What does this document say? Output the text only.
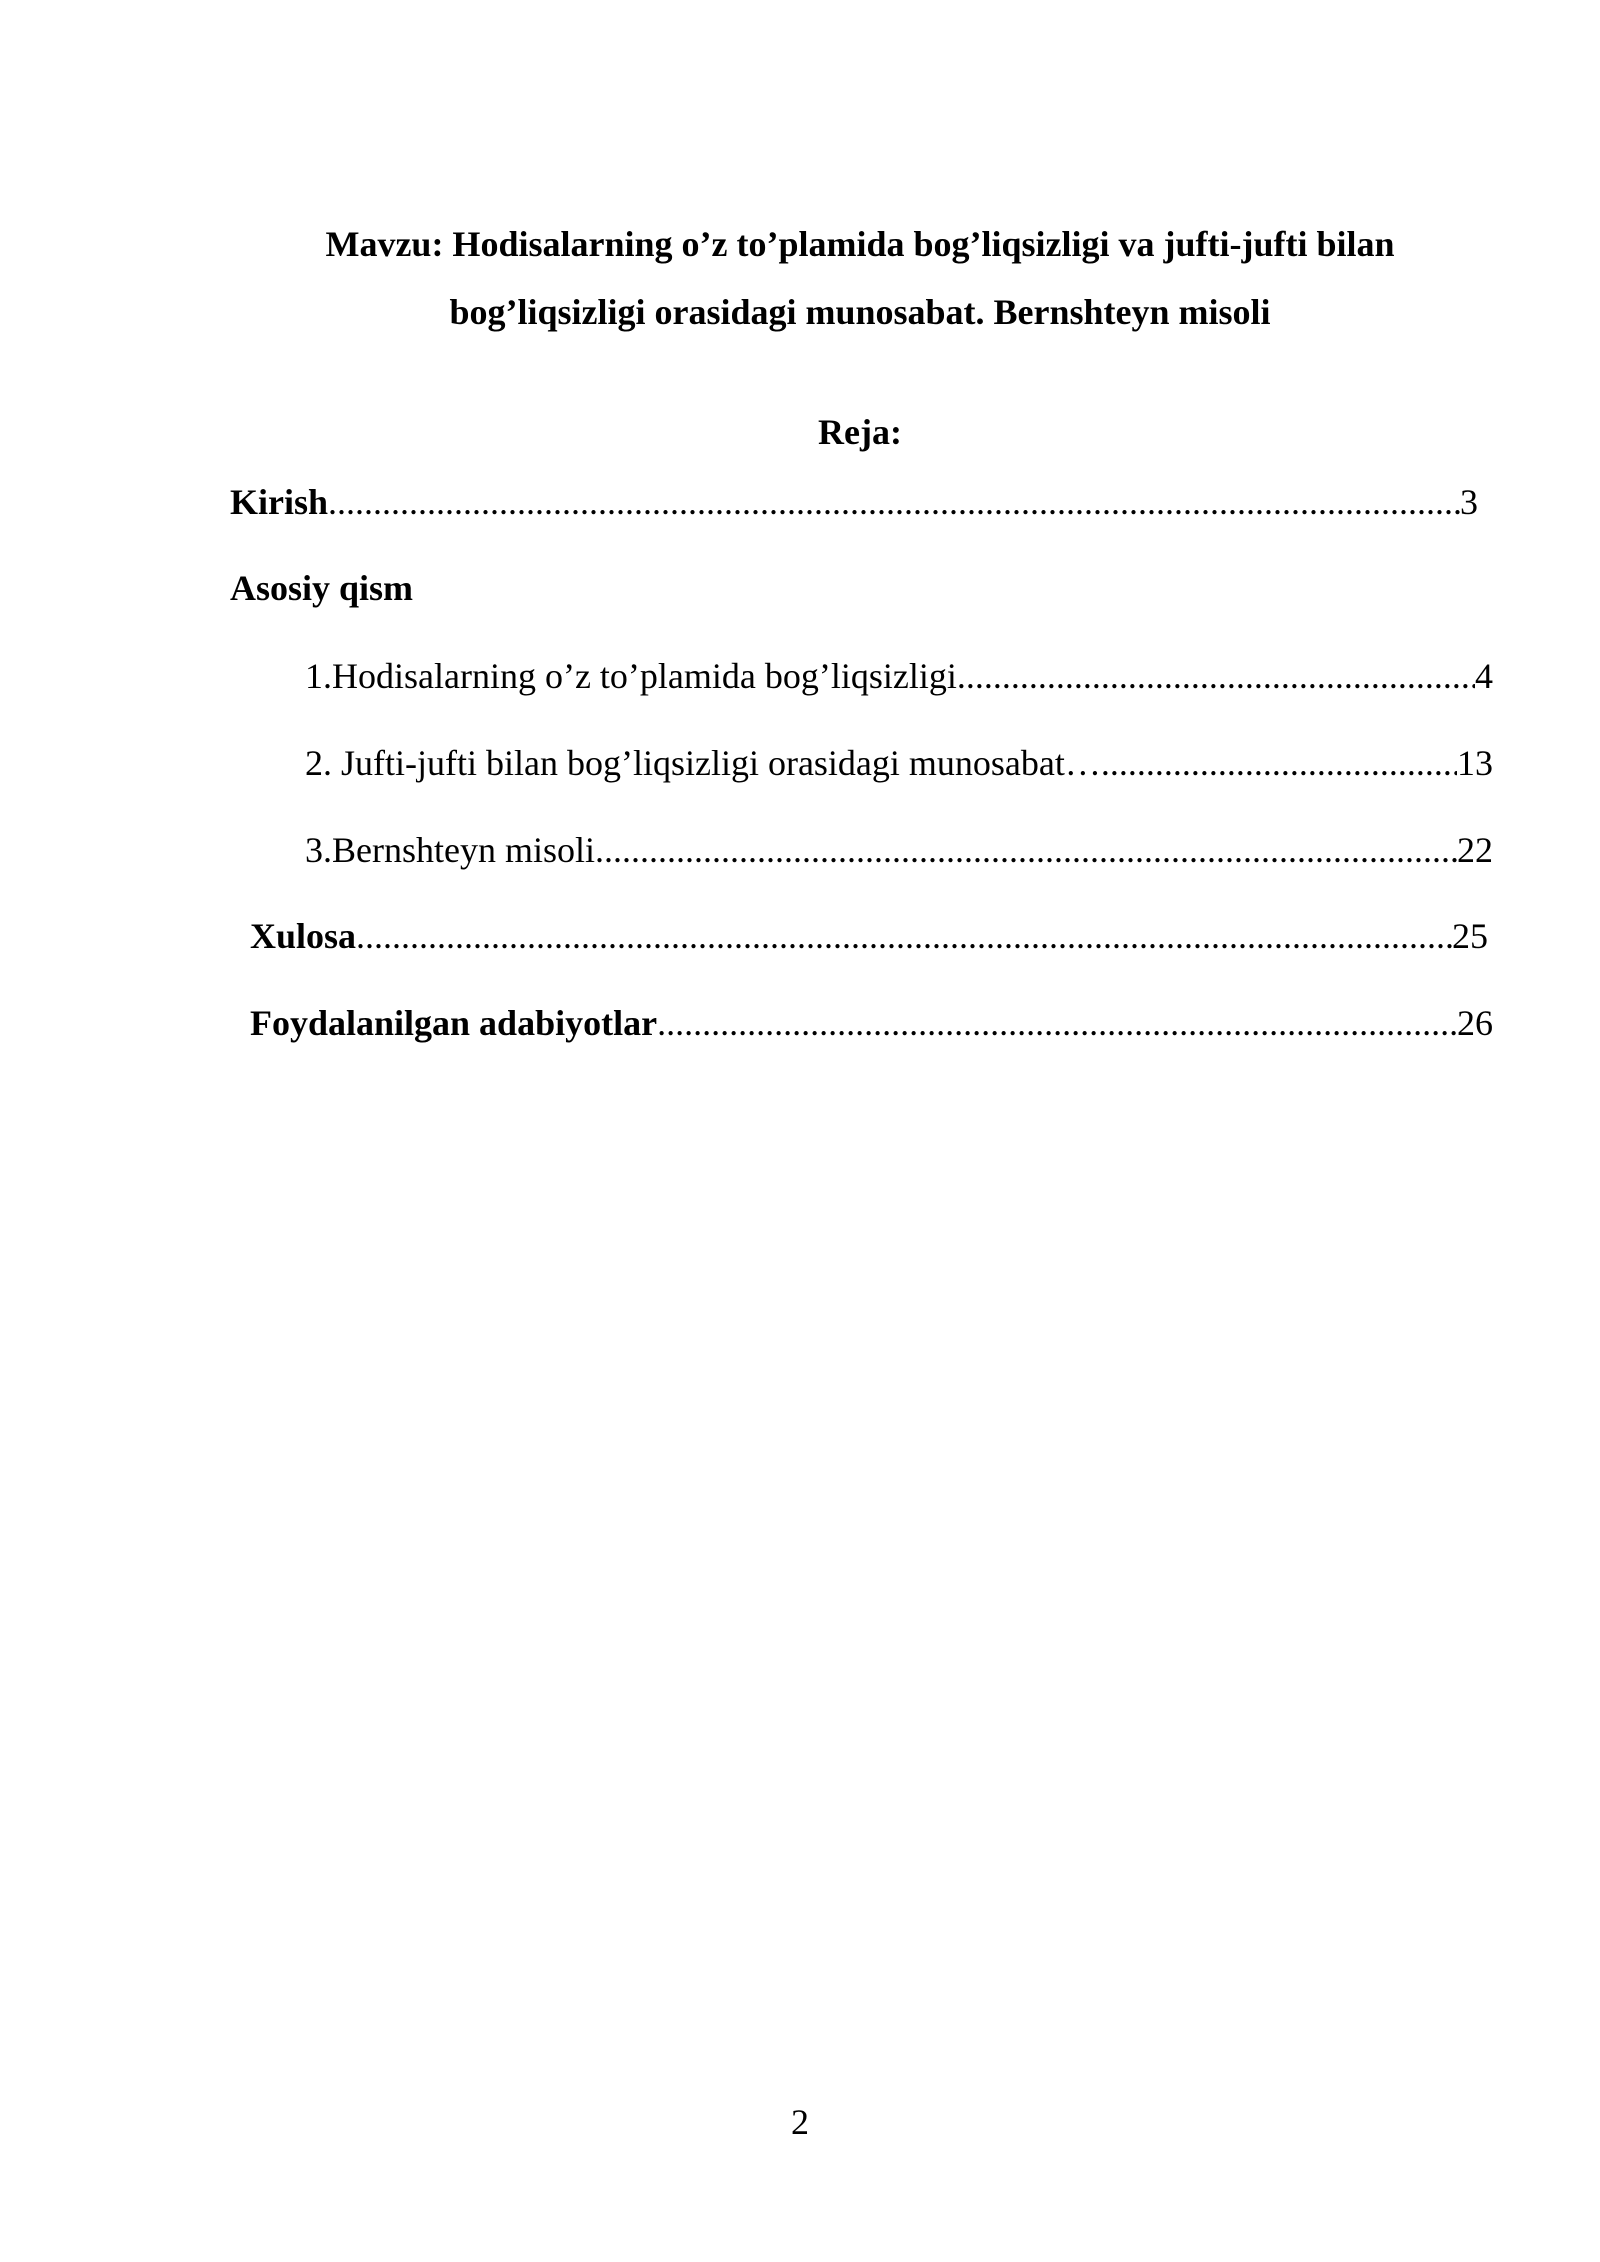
Mavzu: Hodisalarning o’z to’plamida bog’liqsizligi va jufti-jufti bilan
bog’liqsizligi orasidagi munosabat. Bernshteyn misoli
Reja:
Kirish .....	3
Asosiy qism
1.Hodisalarning o’z to’plamida bog’liqsizligi .....	4
2. Jufti-jufti bilan bog’liqsizligi orasidagi munosabat… .....	13
3.Bernshteyn misoli .....	22
Xulosa .....	25
Foydalanilgan adabiyotlar .....	26
2
